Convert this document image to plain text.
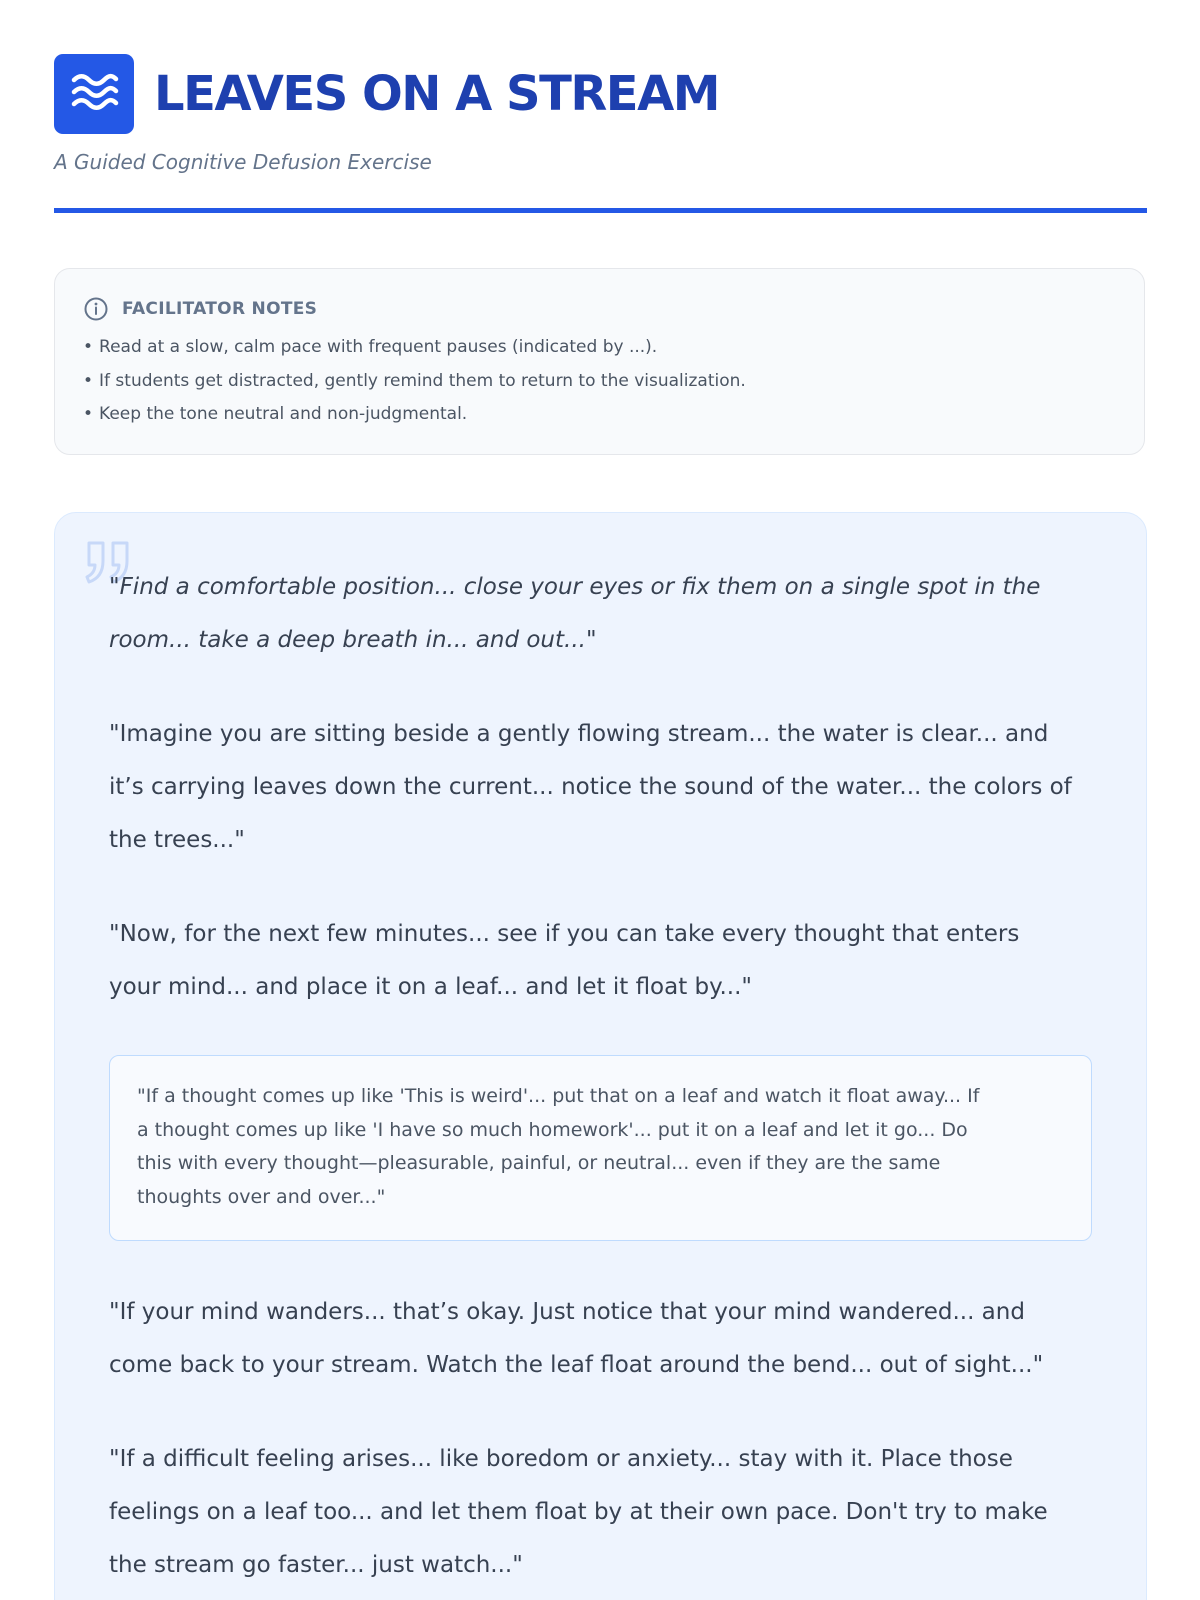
LEAVES ON A STREAM
A Guided Cognitive Defusion Exercise
FACILITATOR NOTES
• Read at a slow, calm pace with frequent pauses (indicated by ...).
• If students get distracted, gently remind them to return to the visualization.
• Keep the tone neutral and non-judgmental.

"Find a comfortable position... close your eyes or fix them on a single spot in the
room... take a deep breath in... and out..."

"Imagine you are sitting beside a gently flowing stream... the water is clear... and
it’s carrying leaves down the current... notice the sound of the water... the colors of
the trees..."

"Now, for the next few minutes... see if you can take every thought that enters
your mind... and place it on a leaf... and let it float by..."

"If a thought comes up like 'This is weird'... put that on a leaf and watch it float away... If
a thought comes up like 'I have so much homework'... put it on a leaf and let it go... Do
this with every thought—pleasurable, painful, or neutral... even if they are the same
thoughts over and over..."

"If your mind wanders... that’s okay. Just notice that your mind wandered... and
come back to your stream. Watch the leaf float around the bend... out of sight..."

"If a difficult feeling arises... like boredom or anxiety... stay with it. Place those
feelings on a leaf too... and let them float by at their own pace. Don't try to make
the stream go faster... just watch..."
